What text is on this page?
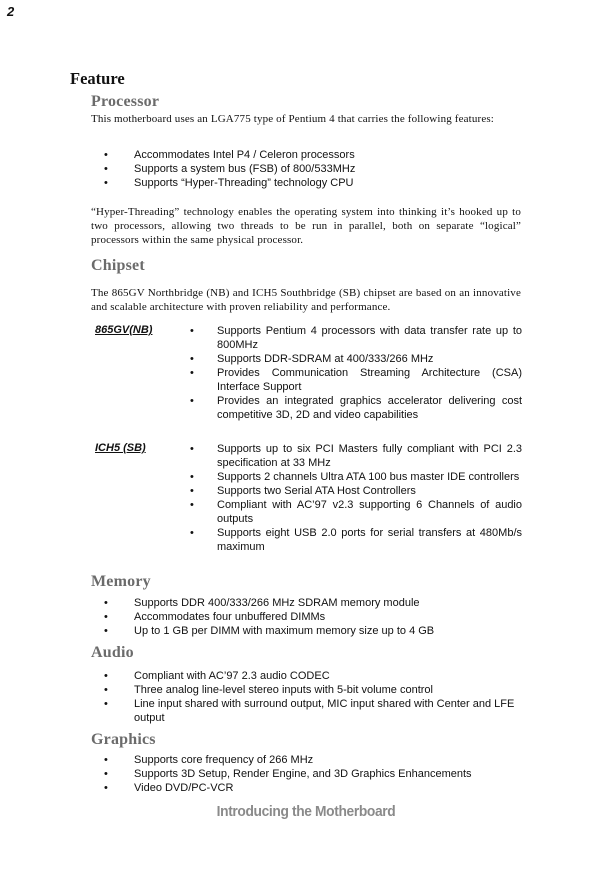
2
Feature
Processor
This motherboard uses an LGA775 type of Pentium 4 that carries the following features:
• Accommodates Intel P4 / Celeron processors
• Supports a system bus (FSB) of 800/533MHz
• Supports “Hyper-Threading” technology CPU
“Hyper-Threading” technology enables the operating system into thinking it’s hooked up to two processors, allowing two threads to be run in parallel, both on separate “logical” processors within the same physical processor.
Chipset
The 865GV Northbridge (NB) and ICH5 Southbridge (SB) chipset are based on an innovative and scalable architecture with proven reliability and performance.
865GV(NB)	• Supports Pentium 4 processors with data transfer rate up to 800MHz
• Supports DDR-SDRAM at 400/333/266 MHz
• Provides Communication Streaming Architecture (CSA) Interface Support
• Provides an integrated graphics accelerator delivering cost competitive 3D, 2D and video capabilities
ICH5 (SB)	• Supports up to six PCI Masters fully compliant with PCI 2.3 specification at 33 MHz
• Supports 2 channels Ultra ATA 100 bus master IDE controllers
• Supports two Serial ATA Host Controllers
• Compliant with AC’97 v2.3 supporting 6 Channels of audio outputs
• Supports eight USB 2.0 ports for serial transfers at 480Mb/s maximum
Memory
• Supports DDR 400/333/266 MHz SDRAM memory module
• Accommodates four unbuffered DIMMs
• Up to 1 GB per DIMM with maximum memory size up to 4 GB
Audio
• Compliant with AC’97 2.3 audio CODEC
• Three analog line-level stereo inputs with 5-bit volume control
• Line input shared with surround output, MIC input shared with Center and LFE output
Graphics
• Supports core frequency of 266 MHz
• Supports 3D Setup, Render Engine, and 3D Graphics Enhancements
• Video DVD/PC-VCR
Introducing the Motherboard
